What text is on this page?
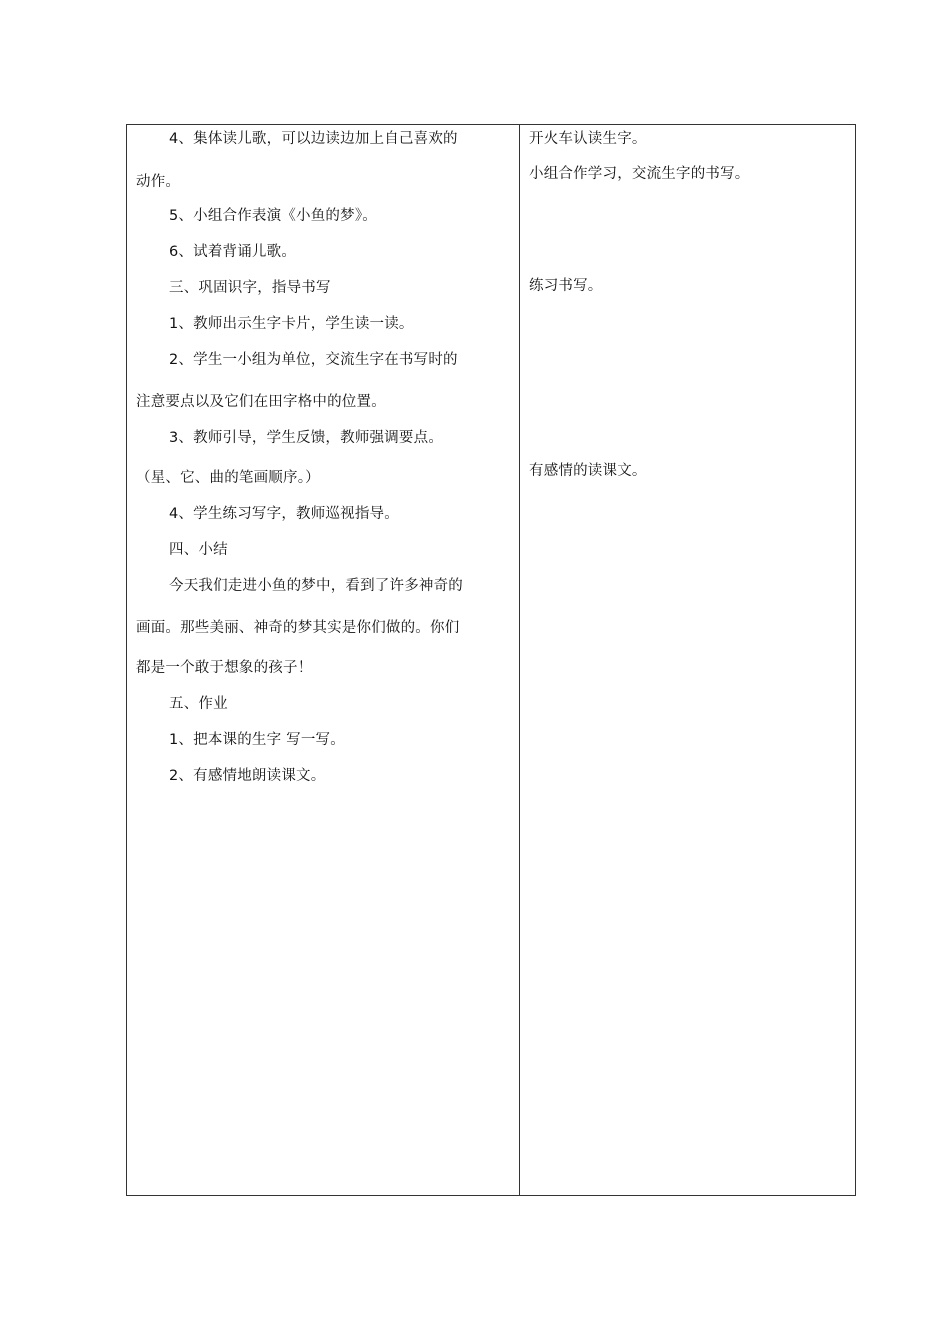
4、集体读儿歌，可以边读边加上自己喜欢的
动作。
5、小组合作表演《小鱼的梦》。
6、试着背诵儿歌。
三、巩固识字，指导书写
1、教师出示生字卡片，学生读一读。
2、学生一小组为单位，交流生字在书写时的
注意要点以及它们在田字格中的位置。
3、教师引导，学生反馈，教师强调要点。
（星、它、曲的笔画顺序。）
4、学生练习写字，教师巡视指导。
四、小结
今天我们走进小鱼的梦中，看到了许多神奇的
画面。那些美丽、神奇的梦其实是你们做的。你们
都是一个敢于想象的孩子！
五、作业
1、把本课的生字 写一写。
2、有感情地朗读课文。
开火车认读生字。
小组合作学习，交流生字的书写。
练习书写。
有感情的读课文。
